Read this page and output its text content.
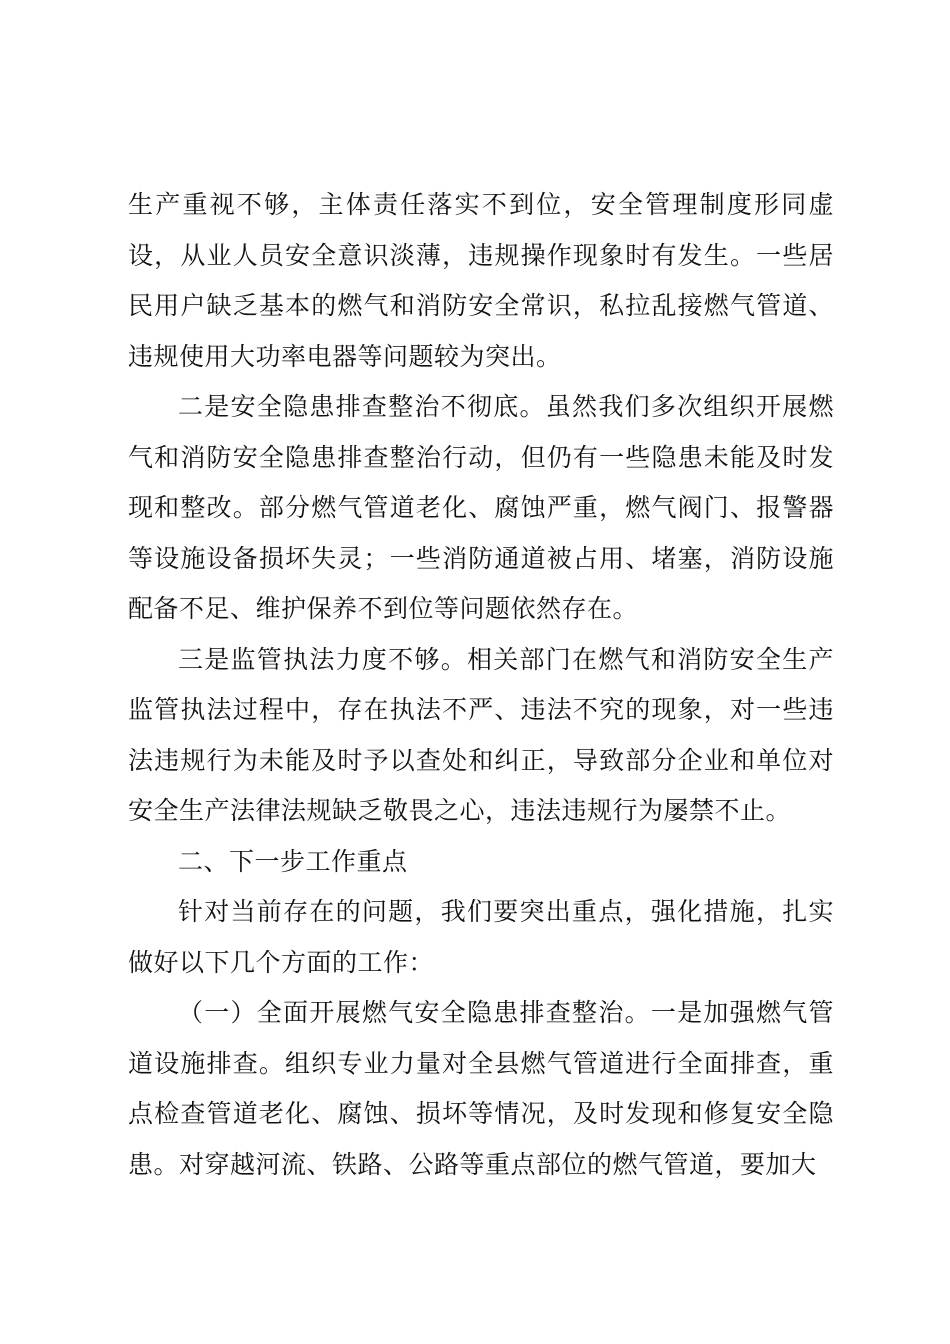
生产重视不够，主体责任落实不到位，安全管理制度形同虚设，从业人员安全意识淡薄，违规操作现象时有发生。一些居民用户缺乏基本的燃气和消防安全常识，私拉乱接燃气管道、违规使用大功率电器等问题较为突出。

二是安全隐患排查整治不彻底。虽然我们多次组织开展燃气和消防安全隐患排查整治行动，但仍有一些隐患未能及时发现和整改。部分燃气管道老化、腐蚀严重，燃气阀门、报警器等设施设备损坏失灵；一些消防通道被占用、堵塞，消防设施配备不足、维护保养不到位等问题依然存在。

三是监管执法力度不够。相关部门在燃气和消防安全生产监管执法过程中，存在执法不严、违法不究的现象，对一些违法违规行为未能及时予以查处和纠正，导致部分企业和单位对安全生产法律法规缺乏敬畏之心，违法违规行为屡禁不止。

二、下一步工作重点

针对当前存在的问题，我们要突出重点，强化措施，扎实做好以下几个方面的工作：

（一）全面开展燃气安全隐患排查整治。一是加强燃气管道设施排查。组织专业力量对全县燃气管道进行全面排查，重点检查管道老化、腐蚀、损坏等情况，及时发现和修复安全隐患。对穿越河流、铁路、公路等重点部位的燃气管道，要加大
